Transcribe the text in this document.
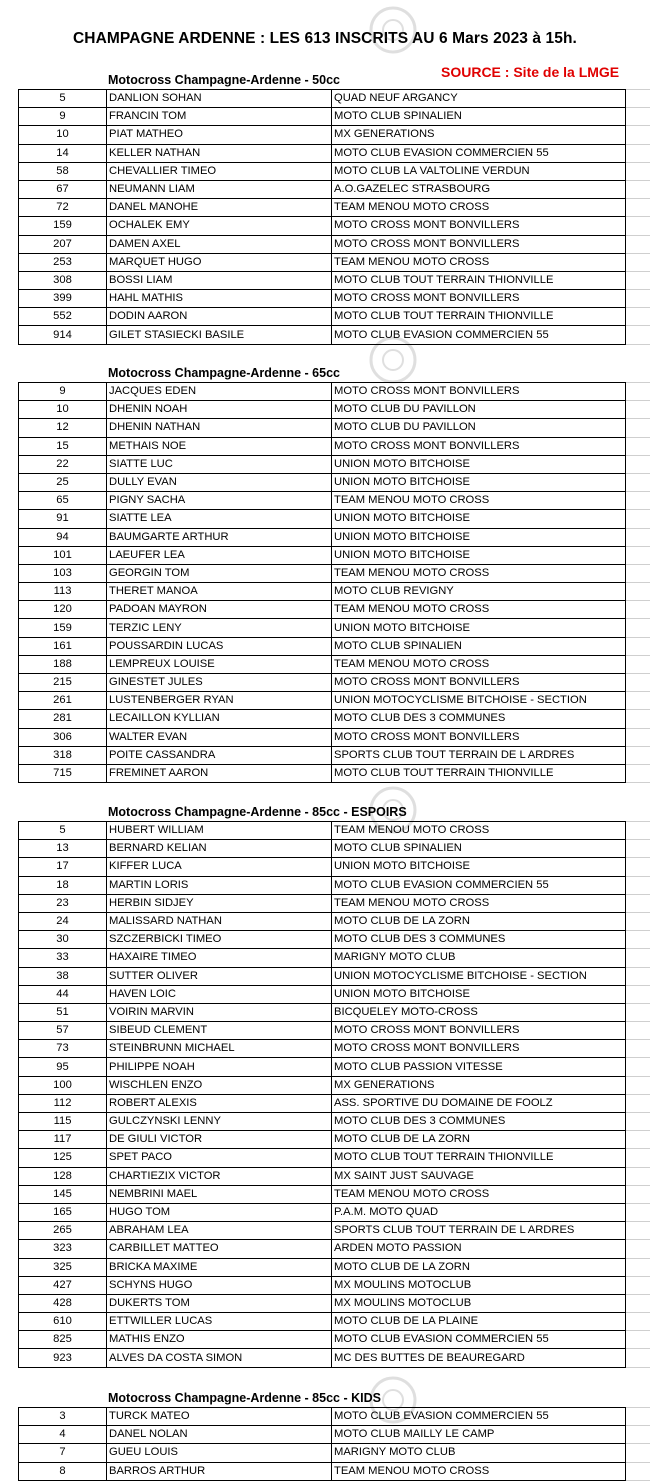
CHAMPAGNE ARDENNE : LES 613 INSCRITS AU 6 Mars 2023 à 15h.
SOURCE : Site de la LMGE
Motocross Champagne-Ardenne - 50cc
5	DANLION SOHAN	QUAD NEUF ARGANCY	
9	FRANCIN TOM	MOTO CLUB SPINALIEN	
10	PIAT MATHEO	MX GENERATIONS	
14	KELLER NATHAN	MOTO CLUB EVASION COMMERCIEN 55	
58	CHEVALLIER TIMEO	MOTO CLUB LA VALTOLINE VERDUN	
67	NEUMANN LIAM	A.O.GAZELEC STRASBOURG	
72	DANEL MANOHE	TEAM MENOU MOTO CROSS	
159	OCHALEK EMY	MOTO CROSS MONT BONVILLERS	
207	DAMEN AXEL	MOTO CROSS MONT BONVILLERS	
253	MARQUET HUGO	TEAM MENOU MOTO CROSS	
308	BOSSI LIAM	MOTO CLUB TOUT TERRAIN THIONVILLE	
399	HAHL MATHIS	MOTO CROSS MONT BONVILLERS	
552	DODIN AARON	MOTO CLUB TOUT TERRAIN THIONVILLE	
914	GILET STASIECKI BASILE	MOTO CLUB EVASION COMMERCIEN 55	
Motocross Champagne-Ardenne - 65cc
9	JACQUES EDEN	MOTO CROSS MONT BONVILLERS	
10	DHENIN NOAH	MOTO CLUB DU PAVILLON	
12	DHENIN NATHAN	MOTO CLUB DU PAVILLON	
15	METHAIS NOE	MOTO CROSS MONT BONVILLERS	
22	SIATTE LUC	UNION MOTO BITCHOISE	
25	DULLY EVAN	UNION MOTO BITCHOISE	
65	PIGNY SACHA	TEAM MENOU MOTO CROSS	
91	SIATTE LEA	UNION MOTO BITCHOISE	
94	BAUMGARTE ARTHUR	UNION MOTO BITCHOISE	
101	LAEUFER LEA	UNION MOTO BITCHOISE	
103	GEORGIN TOM	TEAM MENOU MOTO CROSS	
113	THERET MANOA	MOTO CLUB REVIGNY	
120	PADOAN MAYRON	TEAM MENOU MOTO CROSS	
159	TERZIC LENY	UNION MOTO BITCHOISE	
161	POUSSARDIN LUCAS	MOTO CLUB SPINALIEN	
188	LEMPREUX LOUISE	TEAM MENOU MOTO CROSS	
215	GINESTET JULES	MOTO CROSS MONT BONVILLERS	
261	LUSTENBERGER RYAN	UNION MOTOCYCLISME BITCHOISE - SECTION	
281	LECAILLON KYLLIAN	MOTO CLUB DES 3 COMMUNES	
306	WALTER EVAN	MOTO CROSS MONT BONVILLERS	
318	POITE CASSANDRA	SPORTS CLUB TOUT TERRAIN DE L ARDRES	
715	FREMINET AARON	MOTO CLUB TOUT TERRAIN THIONVILLE	
Motocross Champagne-Ardenne - 85cc - ESPOIRS
5	HUBERT WILLIAM	TEAM MENOU MOTO CROSS	
13	BERNARD KELIAN	MOTO CLUB SPINALIEN	
17	KIFFER LUCA	UNION MOTO BITCHOISE	
18	MARTIN LORIS	MOTO CLUB EVASION COMMERCIEN 55	
23	HERBIN SIDJEY	TEAM MENOU MOTO CROSS	
24	MALISSARD NATHAN	MOTO CLUB DE LA ZORN	
30	SZCZERBICKI TIMEO	MOTO CLUB DES 3 COMMUNES	
33	HAXAIRE TIMEO	MARIGNY MOTO CLUB	
38	SUTTER OLIVER	UNION MOTOCYCLISME BITCHOISE - SECTION	
44	HAVEN LOIC	UNION MOTO BITCHOISE	
51	VOIRIN MARVIN	BICQUELEY MOTO-CROSS	
57	SIBEUD CLEMENT	MOTO CROSS MONT BONVILLERS	
73	STEINBRUNN MICHAEL	MOTO CROSS MONT BONVILLERS	
95	PHILIPPE NOAH	MOTO CLUB PASSION VITESSE	
100	WISCHLEN ENZO	MX GENERATIONS	
112	ROBERT ALEXIS	ASS. SPORTIVE DU DOMAINE DE FOOLZ	
115	GULCZYNSKI LENNY	MOTO CLUB DES 3 COMMUNES	
117	DE GIULI VICTOR	MOTO CLUB DE LA ZORN	
125	SPET PACO	MOTO CLUB TOUT TERRAIN THIONVILLE	
128	CHARTIEZIX VICTOR	MX SAINT JUST SAUVAGE	
145	NEMBRINI MAEL	TEAM MENOU MOTO CROSS	
165	HUGO TOM	P.A.M. MOTO QUAD	
265	ABRAHAM LEA	SPORTS CLUB TOUT TERRAIN DE L ARDRES	
323	CARBILLET MATTEO	ARDEN MOTO PASSION	
325	BRICKA MAXIME	MOTO CLUB DE LA ZORN	
427	SCHYNS HUGO	MX MOULINS MOTOCLUB	
428	DUKERTS TOM	MX MOULINS MOTOCLUB	
610	ETTWILLER LUCAS	MOTO CLUB DE LA PLAINE	
825	MATHIS ENZO	MOTO CLUB EVASION COMMERCIEN 55	
923	ALVES DA COSTA SIMON	MC DES BUTTES DE BEAUREGARD	
Motocross Champagne-Ardenne - 85cc - KIDS
3	TURCK MATEO	MOTO CLUB EVASION COMMERCIEN 55	
4	DANEL NOLAN	MOTO CLUB MAILLY LE CAMP	
7	GUEU LOUIS	MARIGNY MOTO CLUB	
8	BARROS ARTHUR	TEAM MENOU MOTO CROSS	
